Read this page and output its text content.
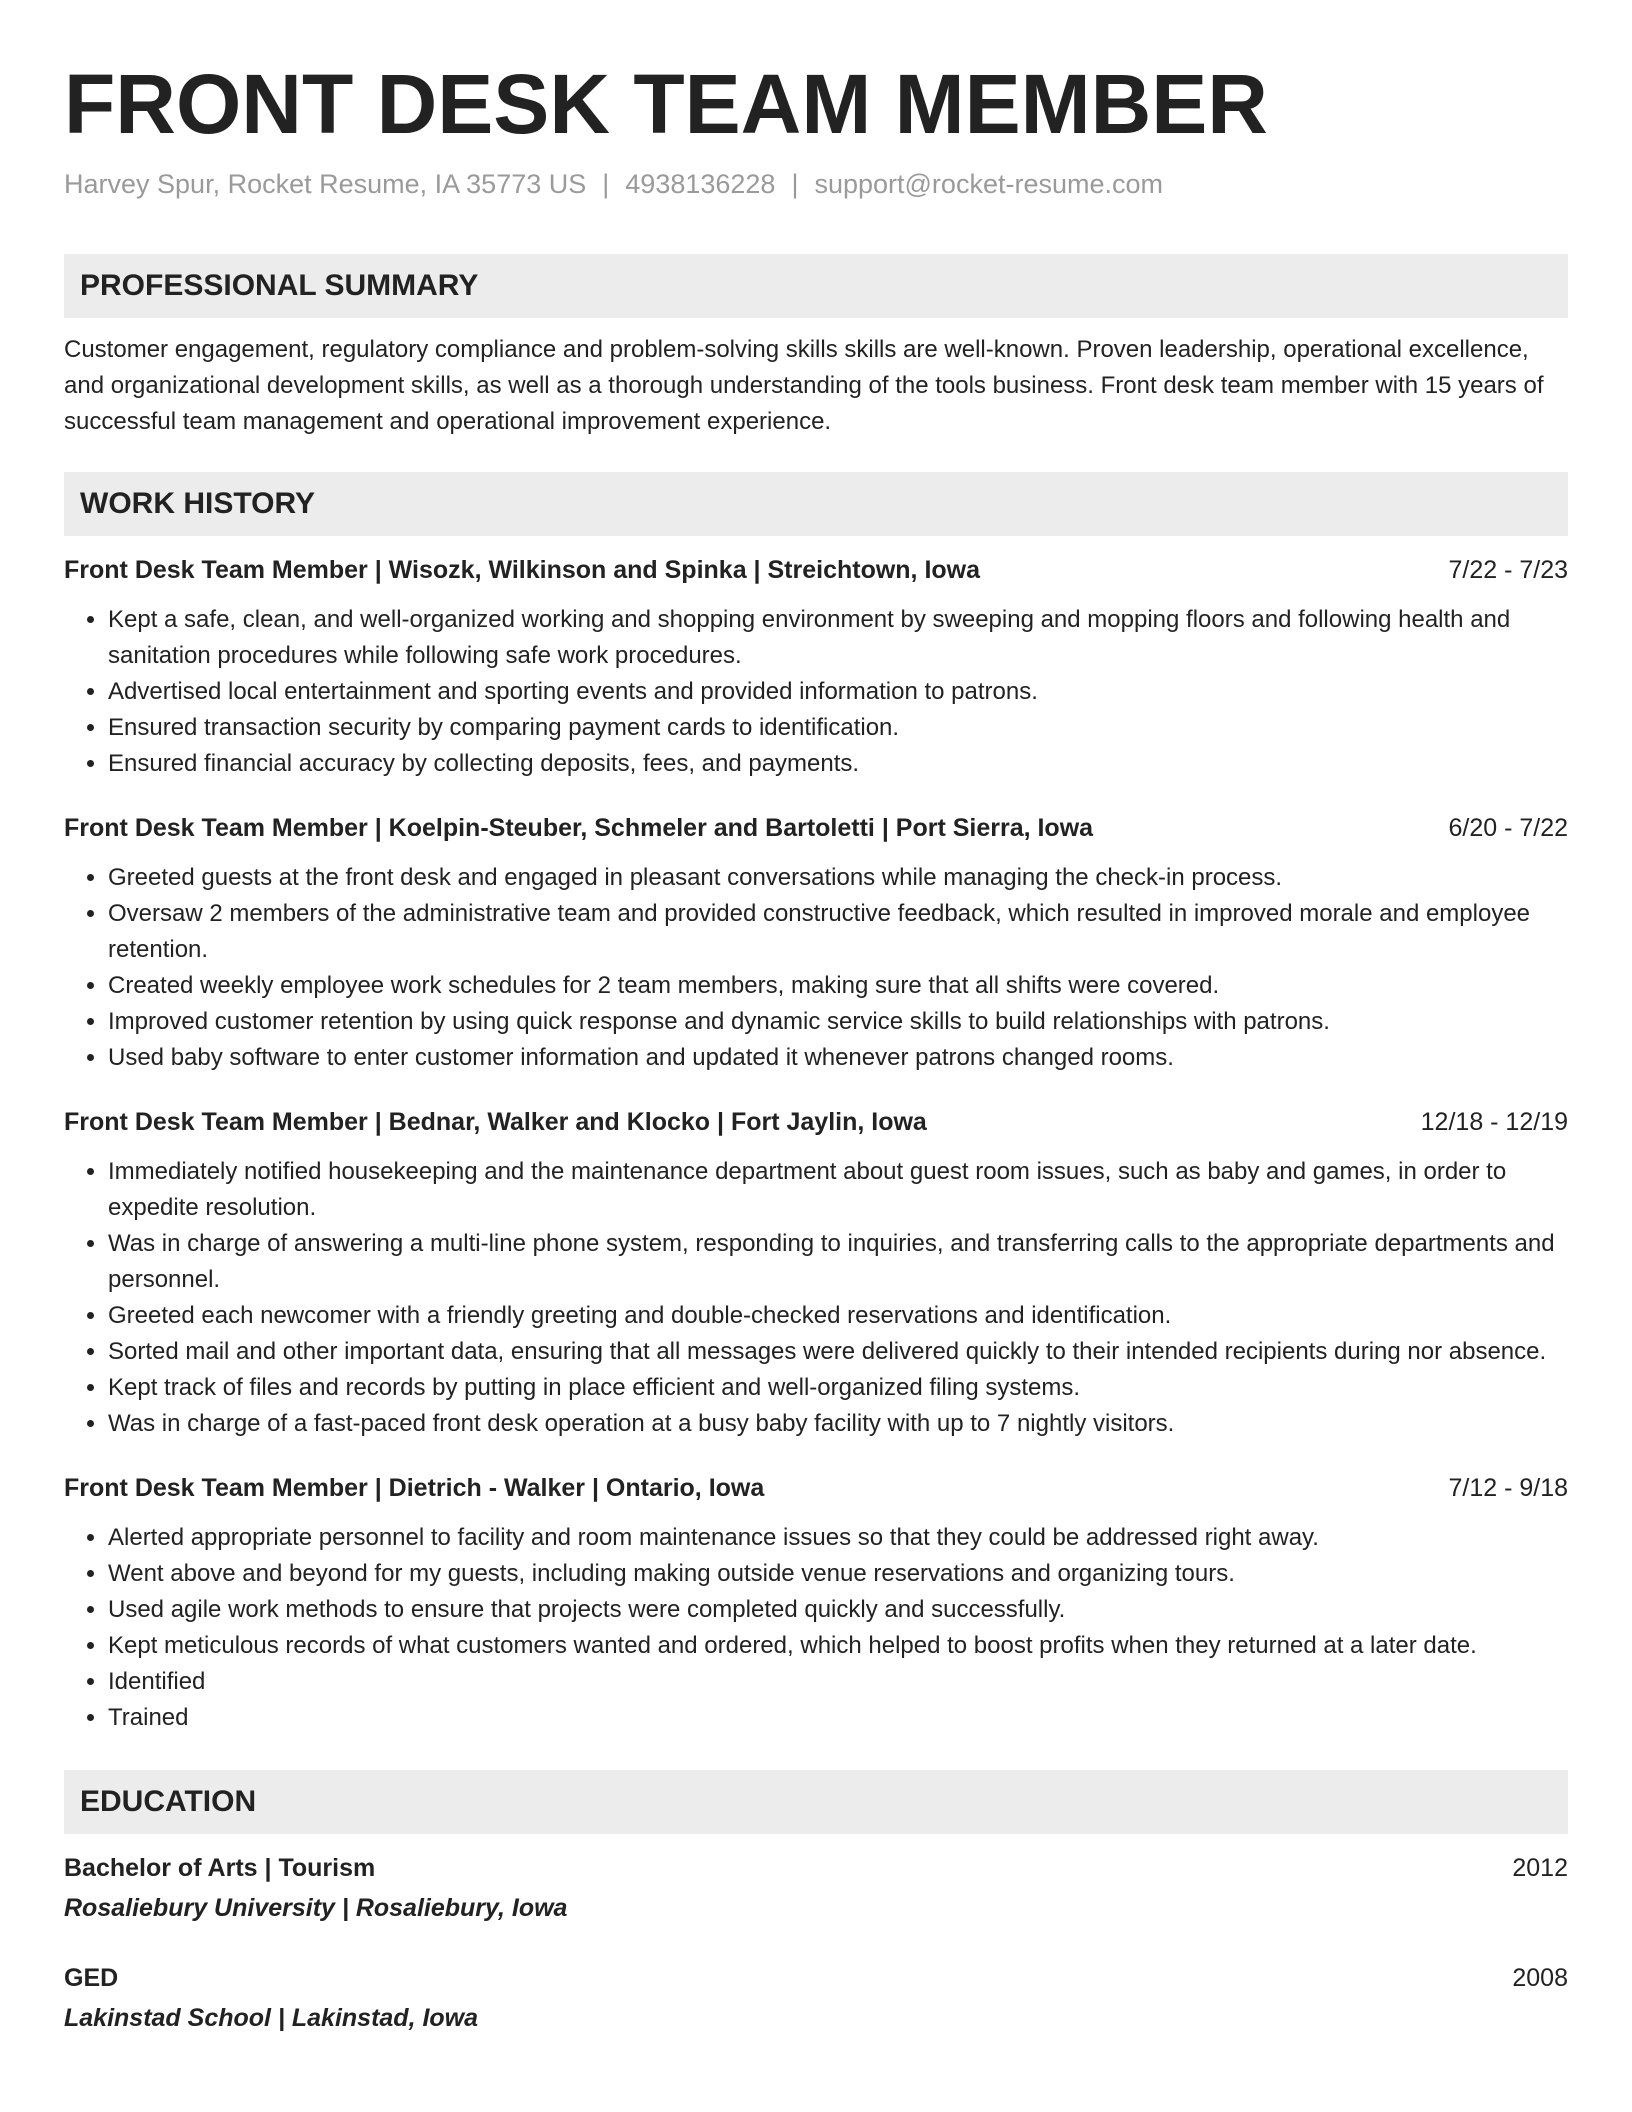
FRONT DESK TEAM MEMBER
Harvey Spur, Rocket Resume, IA 35773 US | 4938136228 | support@rocket-resume.com
PROFESSIONAL SUMMARY
Customer engagement, regulatory compliance and problem-solving skills skills are well-known. Proven leadership, operational excellence, and organizational development skills, as well as a thorough understanding of the tools business. Front desk team member with 15 years of successful team management and operational improvement experience.
WORK HISTORY
Front Desk Team Member | Wisozk, Wilkinson and Spinka | Streichtown, Iowa	7/22 - 7/23
• Kept a safe, clean, and well-organized working and shopping environment by sweeping and mopping floors and following health and sanitation procedures while following safe work procedures.
• Advertised local entertainment and sporting events and provided information to patrons.
• Ensured transaction security by comparing payment cards to identification.
• Ensured financial accuracy by collecting deposits, fees, and payments.
Front Desk Team Member | Koelpin-Steuber, Schmeler and Bartoletti | Port Sierra, Iowa	6/20 - 7/22
• Greeted guests at the front desk and engaged in pleasant conversations while managing the check-in process.
• Oversaw 2 members of the administrative team and provided constructive feedback, which resulted in improved morale and employee retention.
• Created weekly employee work schedules for 2 team members, making sure that all shifts were covered.
• Improved customer retention by using quick response and dynamic service skills to build relationships with patrons.
• Used baby software to enter customer information and updated it whenever patrons changed rooms.
Front Desk Team Member | Bednar, Walker and Klocko | Fort Jaylin, Iowa	12/18 - 12/19
• Immediately notified housekeeping and the maintenance department about guest room issues, such as baby and games, in order to expedite resolution.
• Was in charge of answering a multi-line phone system, responding to inquiries, and transferring calls to the appropriate departments and personnel.
• Greeted each newcomer with a friendly greeting and double-checked reservations and identification.
• Sorted mail and other important data, ensuring that all messages were delivered quickly to their intended recipients during nor absence.
• Kept track of files and records by putting in place efficient and well-organized filing systems.
• Was in charge of a fast-paced front desk operation at a busy baby facility with up to 7 nightly visitors.
Front Desk Team Member | Dietrich - Walker | Ontario, Iowa	7/12 - 9/18
• Alerted appropriate personnel to facility and room maintenance issues so that they could be addressed right away.
• Went above and beyond for my guests, including making outside venue reservations and organizing tours.
• Used agile work methods to ensure that projects were completed quickly and successfully.
• Kept meticulous records of what customers wanted and ordered, which helped to boost profits when they returned at a later date.
• Identified
• Trained
EDUCATION
Bachelor of Arts | Tourism	2012
Rosaliebury University | Rosaliebury, Iowa
GED	2008
Lakinstad School | Lakinstad, Iowa
